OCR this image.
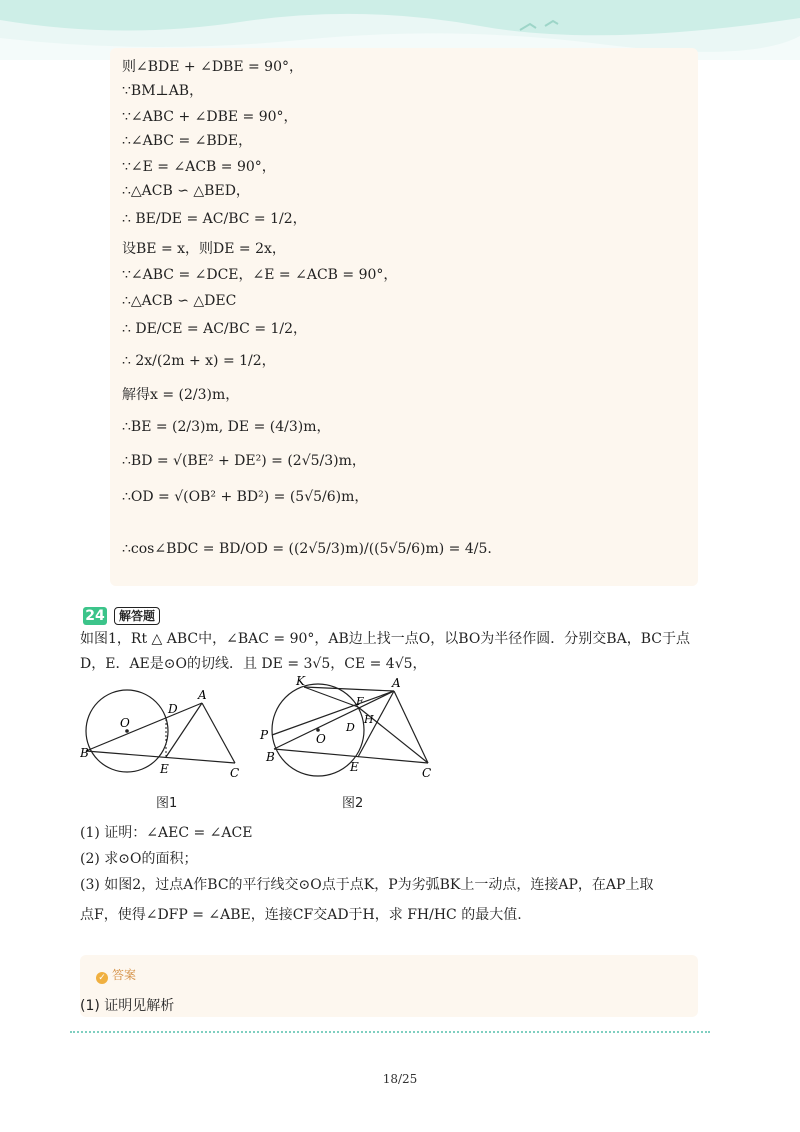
则∠BDE + ∠DBE = 90°，
∵BM⊥AB，
∵∠ABC + ∠DBE = 90°，
∴∠ABC = ∠BDE，
∵∠E = ∠ACB = 90°，
∴△ACB ∽ △BED，
∴ BE/DE = AC/BC = 1/2，
设BE = x，则DE = 2x，
∵∠ABC = ∠DCE，∠E = ∠ACB = 90°，
∴△ACB ∽ △DEC
∴ DE/CE = AC/BC = 1/2，
∴ 2x/(2m + x) = 1/2，
解得x = (2/3)m，
∴BE = (2/3)m, DE = (4/3)m，
∴BD = √(BE² + DE²) = (2√5/3)m，
∴OD = √(OB² + BD²) = (5√5/6)m，
∴cos∠BDC = BD/OD = ((2√5/3)m)/((5√5/6)m) = 4/5.
24	解答题
如图1，Rt △ ABC中，∠BAC = 90°，AB边上找一点O，以BO为半径作圆．分别交BA，BC于点
D，E．AE是⊙O的切线．且 DE = 3√5，CE = 4√5，
A
O
D
B
E	C
图1
K	A
F
H
P	O
D
B
E	C
图2
(1) 证明：∠AEC = ∠ACE
(2) 求⊙O的面积；
(3) 如图2，过点A作BC的平行线交⊙O点于点K，P为劣弧BK上一动点，连接AP，在AP上取
点F，使得∠DFP = ∠ABE，连接CF交AD于H，求 FH/HC 的最大值.
✓ 答案
(1) 证明见解析
18/25
